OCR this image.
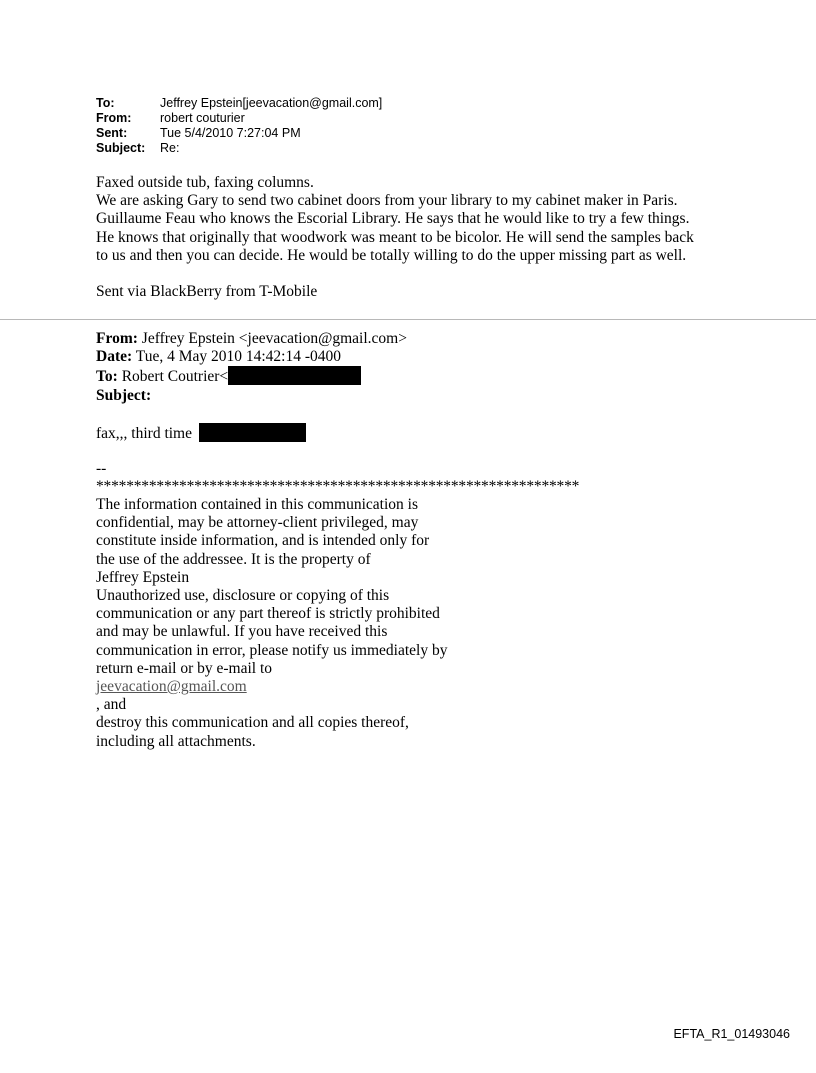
To:	Jeffrey Epstein[jeevacation@gmail.com]
From:	robert couturier
Sent:	Tue 5/4/2010 7:27:04 PM
Subject:	Re:

Faxed outside tub, faxing columns.

We are asking Gary to send two cabinet doors from your library to my cabinet maker in Paris.

Guillaume Feau who knows the Escorial Library. He says that he would like to try a few things.

He knows that originally that woodwork was meant to be bicolor. He will send the samples back

to us and then you can decide. He would be totally willing to do the upper missing part as well.

Sent via BlackBerry from T-Mobile
From: Jeffrey Epstein <jeevacation@gmail.com>
Date: Tue, 4 May 2010 14:42:14 -0400
To: Robert Coutrier<
Subject:
fax,,, third time
--
****************************************************************
The information contained in this communication is
confidential, may be attorney-client privileged, may
constitute inside information, and is intended only for
the use of the addressee. It is the property of
Jeffrey Epstein
Unauthorized use, disclosure or copying of this
communication or any part thereof is strictly prohibited
and may be unlawful. If you have received this
communication in error, please notify us immediately by
return e-mail or by e-mail to
jeevacation@gmail.com
, and
destroy this communication and all copies thereof,
including all attachments.
EFTA_R1_01493046
